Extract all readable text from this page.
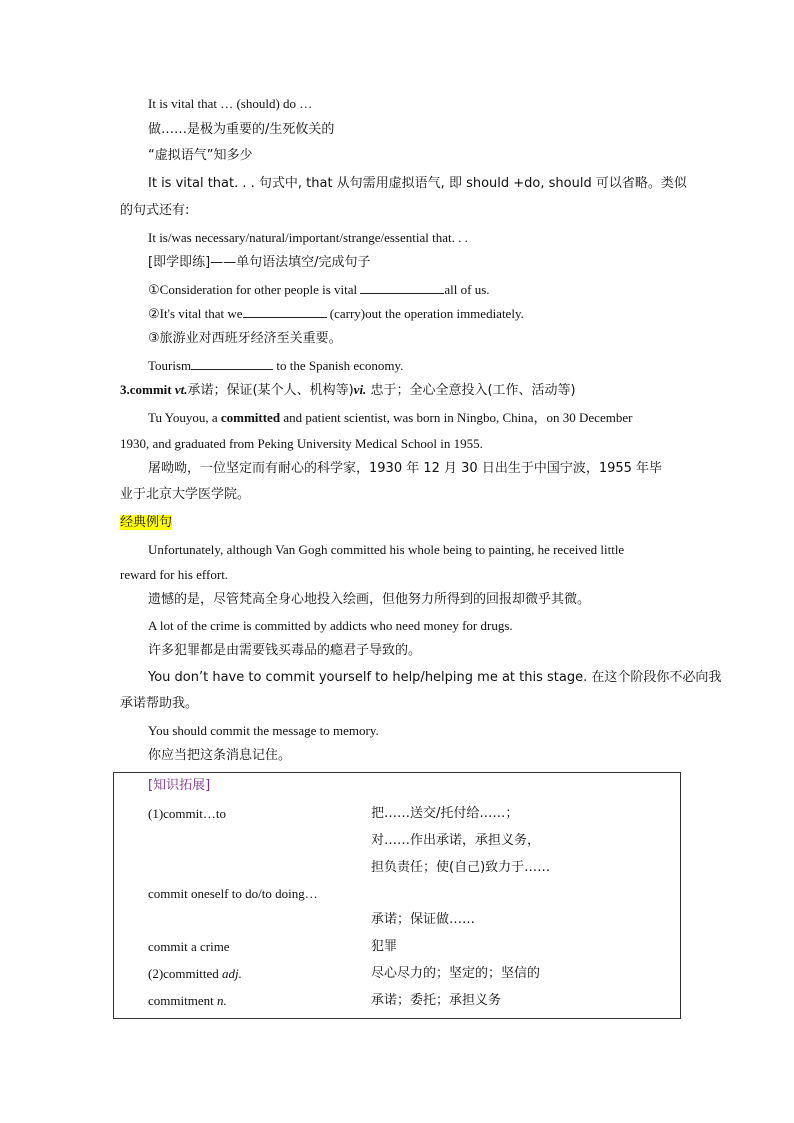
It is vital that … (should) do …
做……是极为重要的/生死攸关的
“虚拟语气”知多少
It is vital that. . . 句式中, that 从句需用虚拟语气, 即 should +do, should 可以省略。类似
的句式还有:
It is/was necessary/natural/important/strange/essential that. . .
[即学即练]——单句语法填空/完成句子
①Consideration for other people is vital	all of us.
②It's vital that we	(carry)out the operation immediately.
③旅游业对西班牙经济至关重要。
Tourism	to the Spanish economy.
3.commit vt.承诺；保证(某个人、机构等)vi. 忠于；全心全意投入(工作、活动等)
Tu Youyou, a committed and patient scientist, was born in Ningbo, China，on 30 December
1930, and graduated from Peking University Medical School in 1955.
屠呦呦，一位坚定而有耐心的科学家，1930 年 12 月 30 日出生于中国宁波，1955 年毕
业于北京大学医学院。
经典例句
Unfortunately, although Van Gogh committed his whole being to painting, he received little
reward for his effort.
遗憾的是，尽管梵高全身心地投入绘画，但他努力所得到的回报却微乎其微。
A lot of the crime is committed by addicts who need money for drugs.
许多犯罪都是由需要钱买毒品的瘾君子导致的。
You don’t have to commit yourself to help/helping me at this stage. 在这个阶段你不必向我
承诺帮助我。
You should commit the message to memory.
你应当把这条消息记住。
[知识拓展]
(1)commit…to	把……送交/托付给……；
对……作出承诺，承担义务，
担负责任；使(自己)致力于……
commit oneself to do/to doing…
承诺；保证做……
commit a crime	犯罪
(2)committed adj.	尽心尽力的；坚定的；坚信的
commitment n.	承诺；委托；承担义务
